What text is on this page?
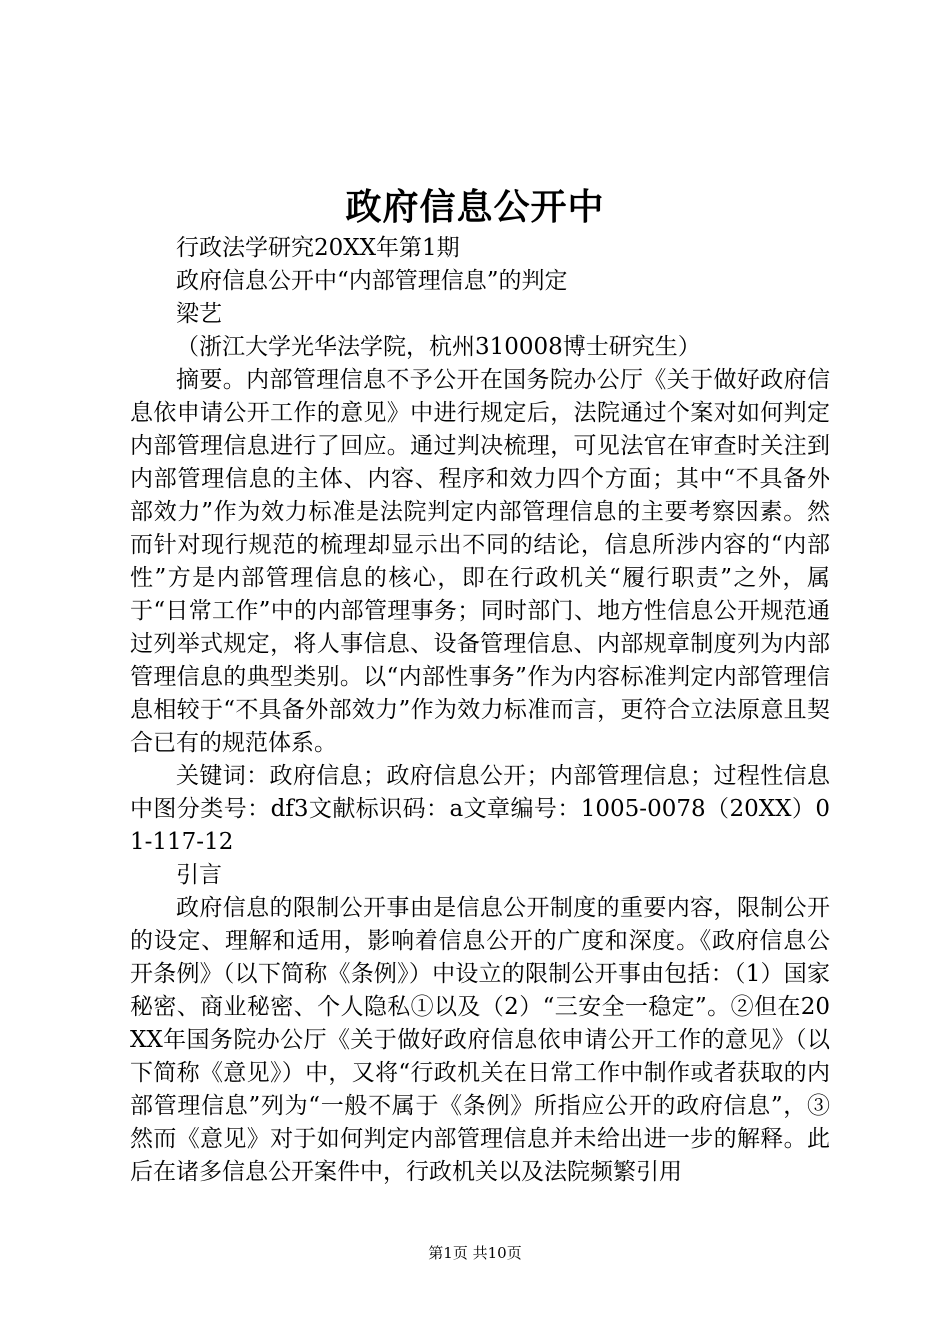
政府信息公开中

行政法学研究20XX年第1期

政府信息公开中“内部管理信息”的判定

梁艺

（浙江大学光华法学院，杭州310008博士研究生）

摘要。内部管理信息不予公开在国务院办公厅《关于做好政府信息依申请公开工作的意见》中进行规定后，法院通过个案对如何判定内部管理信息进行了回应。通过判决梳理，可见法官在审查时关注到内部管理信息的主体、内容、程序和效力四个方面；其中“不具备外部效力”作为效力标准是法院判定内部管理信息的主要考察因素。然而针对现行规范的梳理却显示出不同的结论，信息所涉内容的“内部性”方是内部管理信息的核心，即在行政机关“履行职责”之外，属于“日常工作”中的内部管理事务；同时部门、地方性信息公开规范通过列举式规定，将人事信息、设备管理信息、内部规章制度列为内部管理信息的典型类别。以“内部性事务”作为内容标准判定内部管理信息相较于“不具备外部效力”作为效力标准而言，更符合立法原意且契合已有的规范体系。

关键词：政府信息；政府信息公开；内部管理信息；过程性信息中图分类号：df3文献标识码：a文章编号：1005-0078（20XX）01-117-12

引言

政府信息的限制公开事由是信息公开制度的重要内容，限制公开的设定、理解和适用，影响着信息公开的广度和深度。《政府信息公开条例》（以下简称《条例》）中设立的限制公开事由包括：（1）国家秘密、商业秘密、个人隐私①以及（2）“三安全一稳定”。②但在20XX年国务院办公厅《关于做好政府信息依申请公开工作的意见》（以下简称《意见》）中，又将“行政机关在日常工作中制作或者获取的内部管理信息”列为“一般不属于《条例》所指应公开的政府信息”，③然而《意见》对于如何判定内部管理信息并未给出进一步的解释。此后在诸多信息公开案件中，行政机关以及法院频繁引用

第1页 共10页
